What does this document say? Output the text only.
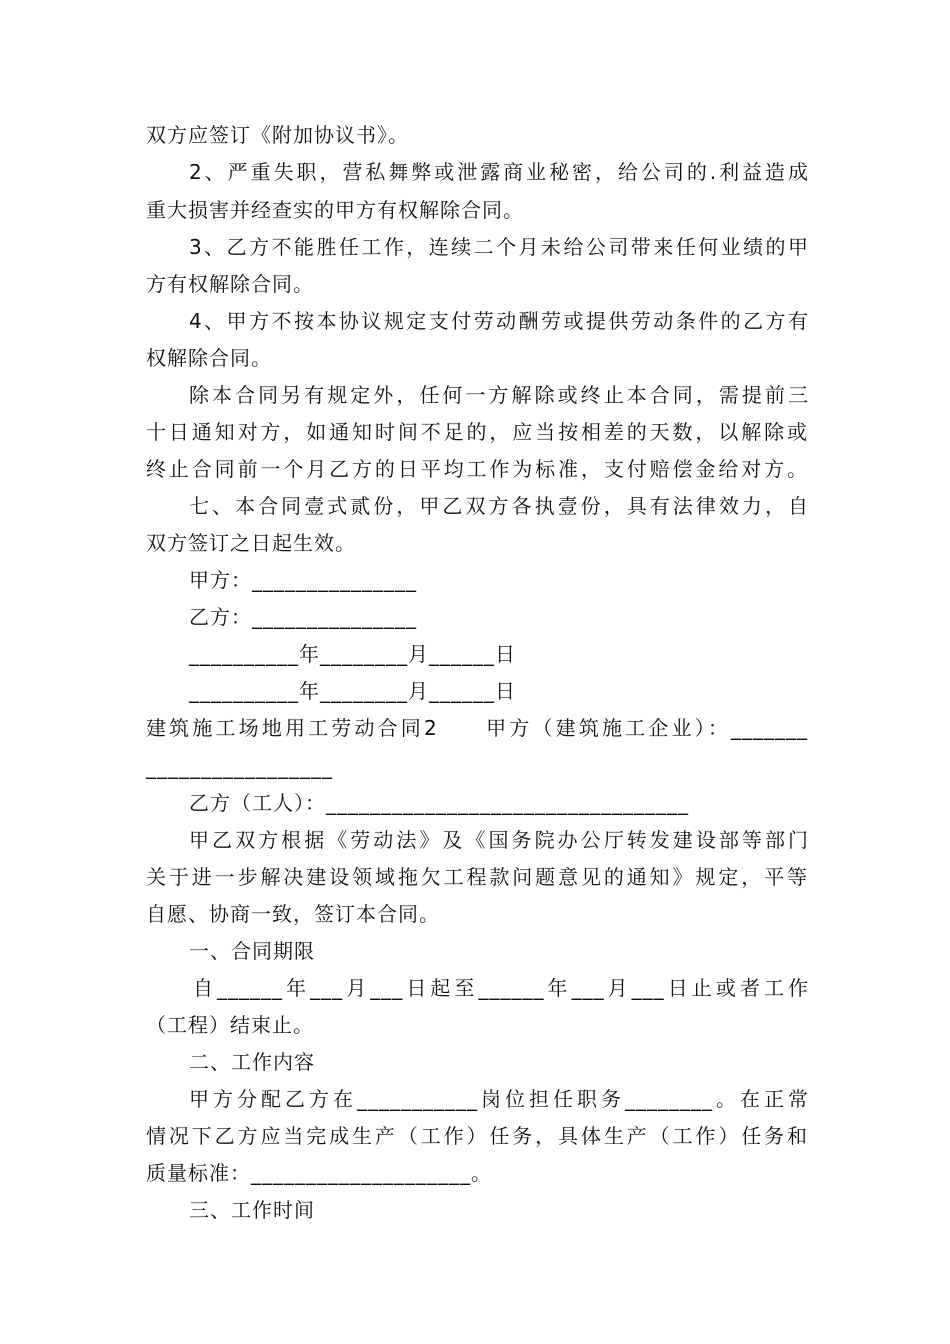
双方应签订《附加协议书》。
2、严重失职，营私舞弊或泄露商业秘密，给公司的.利益造成
重大损害并经查实的甲方有权解除合同。
3、乙方不能胜任工作，连续二个月未给公司带来任何业绩的甲
方有权解除合同。
4、甲方不按本协议规定支付劳动酬劳或提供劳动条件的乙方有
权解除合同。
除本合同另有规定外，任何一方解除或终止本合同，需提前三
十日通知对方，如通知时间不足的，应当按相差的天数，以解除或
终止合同前一个月乙方的日平均工作为标准，支付赔偿金给对方。
七、本合同壹式贰份，甲乙双方各执壹份，具有法律效力，自
双方签订之日起生效。
甲方：_______________
乙方：_______________
__________年________月______日
__________年________月______日
建筑施工场地用工劳动合同2　　甲方（建筑施工企业）：_______
_________________
乙方（工人）：_________________________________
甲乙双方根据《劳动法》及《国务院办公厅转发建设部等部门
关于进一步解决建设领域拖欠工程款问题意见的通知》规定，平等
自愿、协商一致，签订本合同。
一、合同期限
自______年___月___日起至______年___月___日止或者工作
（工程）结束止。
二、工作内容
甲方分配乙方在___________岗位担任职务________。在正常
情况下乙方应当完成生产（工作）任务，具体生产（工作）任务和
质量标准：____________________。
三、工作时间
